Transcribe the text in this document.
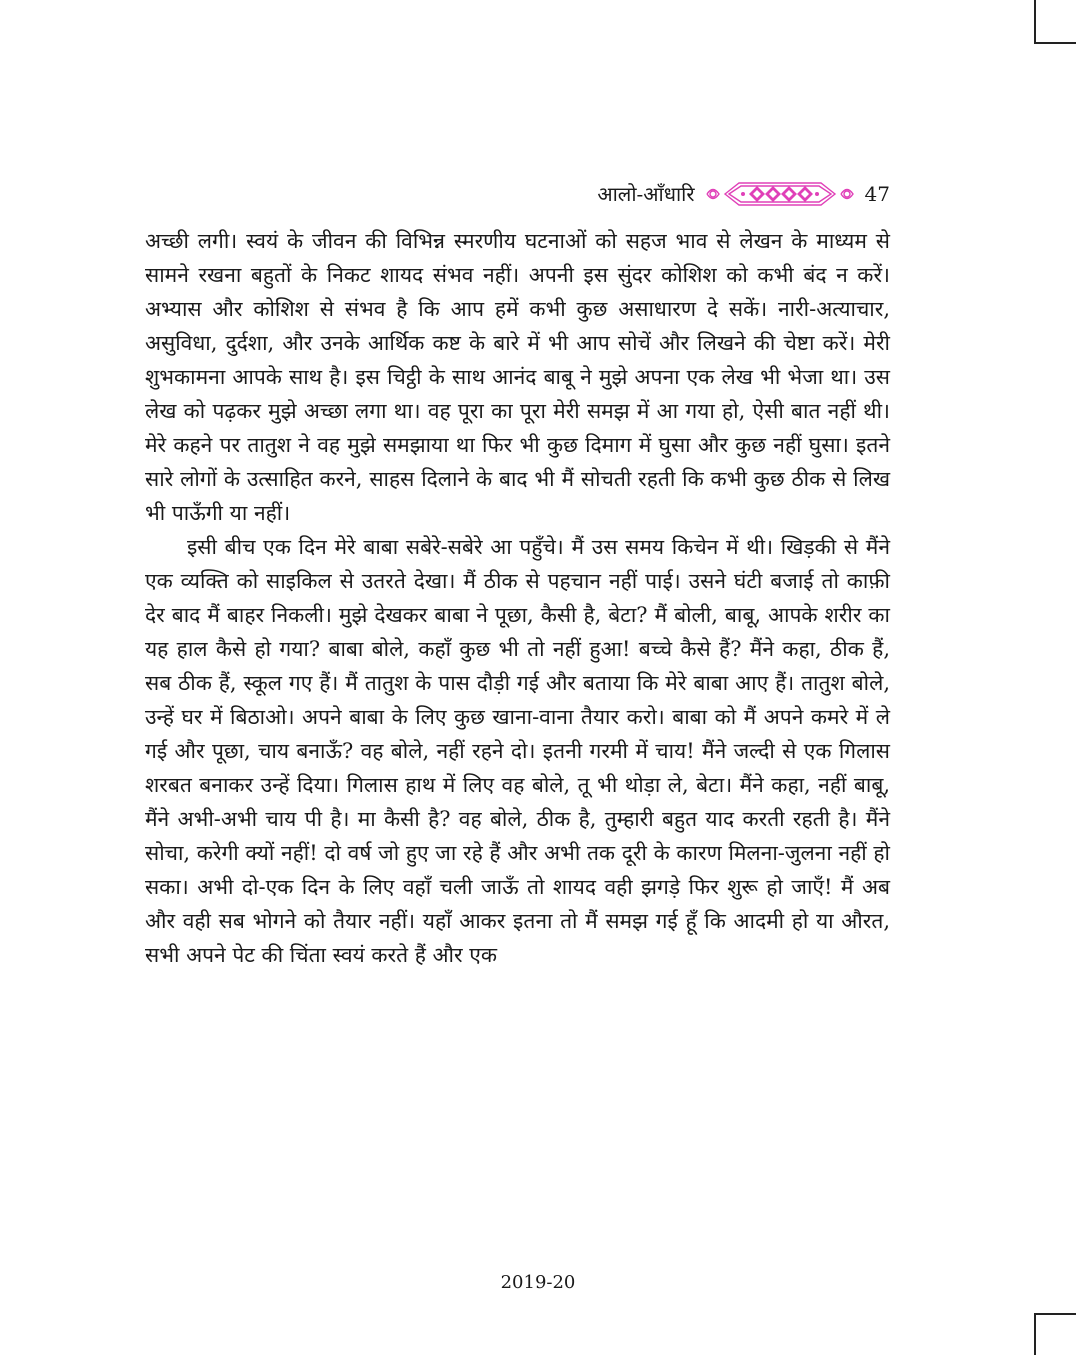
आलो-आँधारि	47

अच्छी लगी। स्वयं के जीवन की विभिन्न स्मरणीय घटनाओं को सहज भाव से लेखन के माध्यम से सामने रखना बहुतों के निकट शायद संभव नहीं। अपनी इस सुंदर कोशिश को कभी बंद न करें। अभ्यास और कोशिश से संभव है कि आप हमें कभी कुछ असाधारण दे सकें। नारी-अत्याचार, असुविधा, दुर्दशा, और उनके आर्थिक कष्ट के बारे में भी आप सोचें और लिखने की चेष्टा करें। मेरी शुभकामना आपके साथ है। इस चिट्ठी के साथ आनंद बाबू ने मुझे अपना एक लेख भी भेजा था। उस लेख को पढ़कर मुझे अच्छा लगा था। वह पूरा का पूरा मेरी समझ में आ गया हो, ऐसी बात नहीं थी। मेरे कहने पर तातुश ने वह मुझे समझाया था फिर भी कुछ दिमाग में घुसा और कुछ नहीं घुसा। इतने सारे लोगों के उत्साहित करने, साहस दिलाने के बाद भी मैं सोचती रहती कि कभी कुछ ठीक से लिख भी पाऊँगी या नहीं।

इसी बीच एक दिन मेरे बाबा सबेरे-सबेरे आ पहुँचे। मैं उस समय किचेन में थी। खिड़की से मैंने एक व्यक्ति को साइकिल से उतरते देखा। मैं ठीक से पहचान नहीं पाई। उसने घंटी बजाई तो काफ़ी देर बाद मैं बाहर निकली। मुझे देखकर बाबा ने पूछा, कैसी है, बेटा? मैं बोली, बाबू, आपके शरीर का यह हाल कैसे हो गया? बाबा बोले, कहाँ कुछ भी तो नहीं हुआ! बच्चे कैसे हैं? मैंने कहा, ठीक हैं, सब ठीक हैं, स्कूल गए हैं। मैं तातुश के पास दौड़ी गई और बताया कि मेरे बाबा आए हैं। तातुश बोले, उन्हें घर में बिठाओ। अपने बाबा के लिए कुछ खाना-वाना तैयार करो। बाबा को मैं अपने कमरे में ले गई और पूछा, चाय बनाऊँ? वह बोले, नहीं रहने दो। इतनी गरमी में चाय! मैंने जल्दी से एक गिलास शरबत बनाकर उन्हें दिया। गिलास हाथ में लिए वह बोले, तू भी थोड़ा ले, बेटा। मैंने कहा, नहीं बाबू, मैंने अभी-अभी चाय पी है। मा कैसी है? वह बोले, ठीक है, तुम्हारी बहुत याद करती रहती है। मैंने सोचा, करेगी क्यों नहीं! दो वर्ष जो हुए जा रहे हैं और अभी तक दूरी के कारण मिलना-जुलना नहीं हो सका। अभी दो-एक दिन के लिए वहाँ चली जाऊँ तो शायद वही झगड़े फिर शुरू हो जाएँ! मैं अब और वही सब भोगने को तैयार नहीं। यहाँ आकर इतना तो मैं समझ गई हूँ कि आदमी हो या औरत, सभी अपने पेट की चिंता स्वयं करते हैं और एक

2019-20
